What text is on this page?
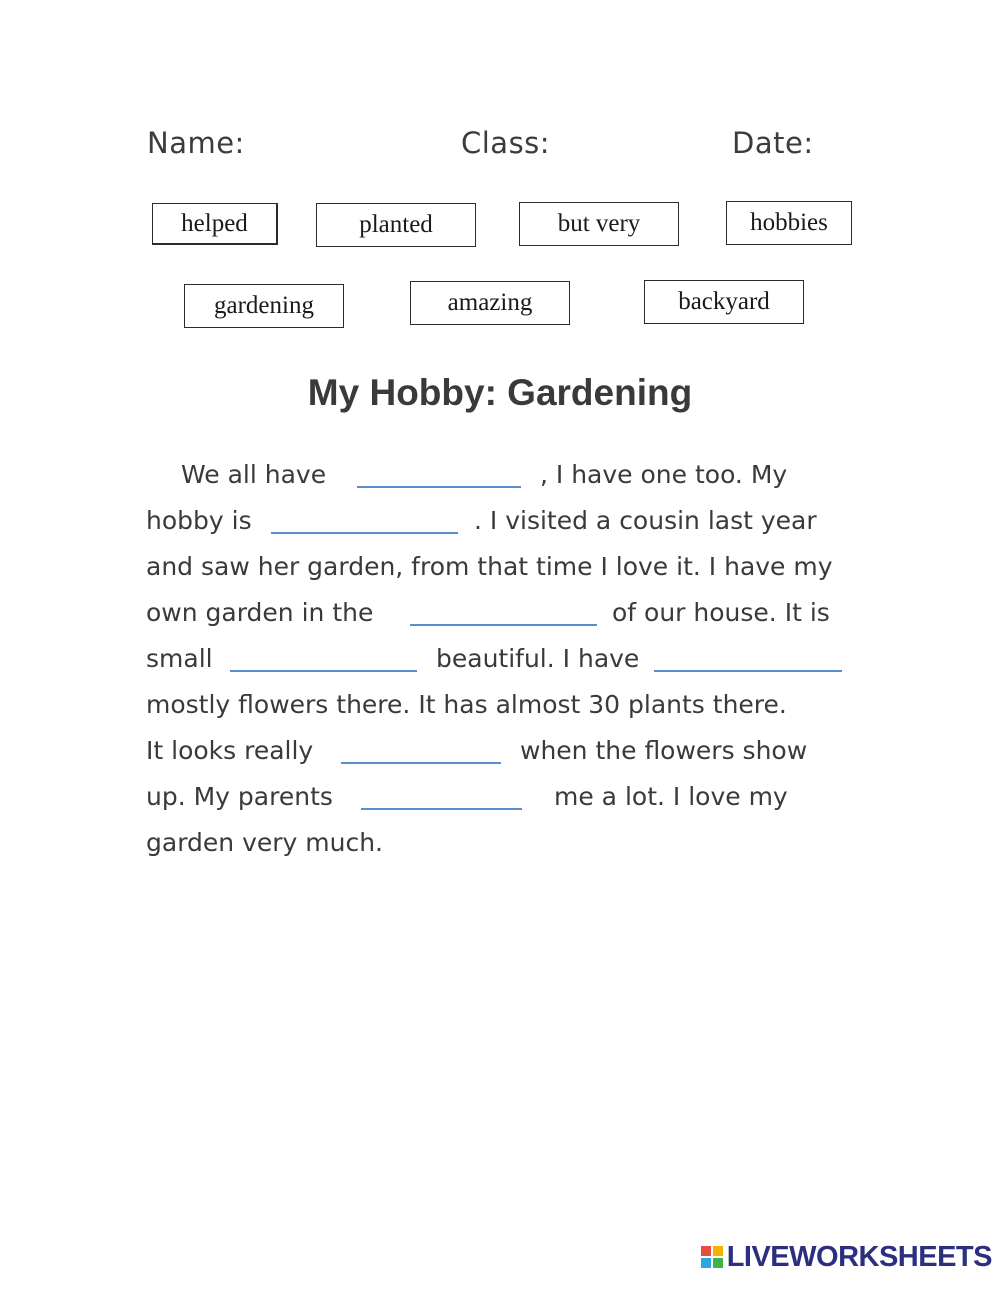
Name:	Class:	Date:
helped	planted	but very	hobbies
gardening	amazing	backyard
My Hobby: Gardening
We all have	, I have one too. My
hobby is	. I visited a cousin last year
and saw her garden, from that time I love it. I have my
own garden in the	of our house. It is
small	beautiful. I have
mostly flowers there. It has almost 30 plants there.
It looks really	when the flowers show
up. My parents	me a lot. I love my
garden very much.
LIVEWORKSHEETS
